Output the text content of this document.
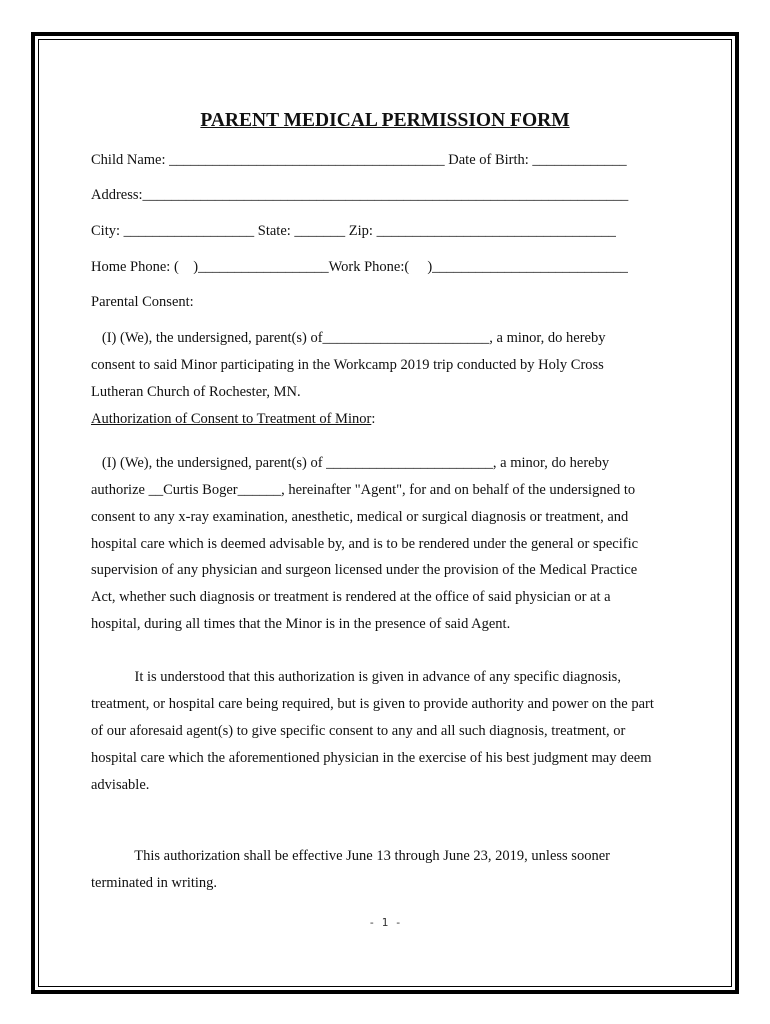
PARENT MEDICAL PERMISSION FORM
Child Name: ______________________________________ Date of Birth: _____________
Address:___________________________________________________________________
City: __________________ State: _______ Zip: _________________________________
Home Phone: (    )__________________Work Phone:(     )___________________________
Parental Consent:
(I) (We), the undersigned, parent(s) of_______________________, a minor, do hereby
consent to said Minor participating in the Workcamp 2019 trip conducted by Holy Cross
Lutheran Church of Rochester, MN.
Authorization of Consent to Treatment of Minor:
(I) (We), the undersigned, parent(s) of _______________________, a minor, do hereby
authorize __Curtis Boger______, hereinafter "Agent", for and on behalf of the undersigned to
consent to any x-ray examination, anesthetic, medical or surgical diagnosis or treatment, and
hospital care which is deemed advisable by, and is to be rendered under the general or specific
supervision of any physician and surgeon licensed under the provision of the Medical Practice
Act, whether such diagnosis or treatment is rendered at the office of said physician or at a
hospital, during all times that the Minor is in the presence of said Agent.
It is understood that this authorization is given in advance of any specific diagnosis,
treatment, or hospital care being required, but is given to provide authority and power on the part
of our aforesaid agent(s) to give specific consent to any and all such diagnosis, treatment, or
hospital care which the aforementioned physician in the exercise of his best judgment may deem
advisable.
This authorization shall be effective June 13 through June 23, 2019, unless sooner
terminated in writing.
- 1 -
